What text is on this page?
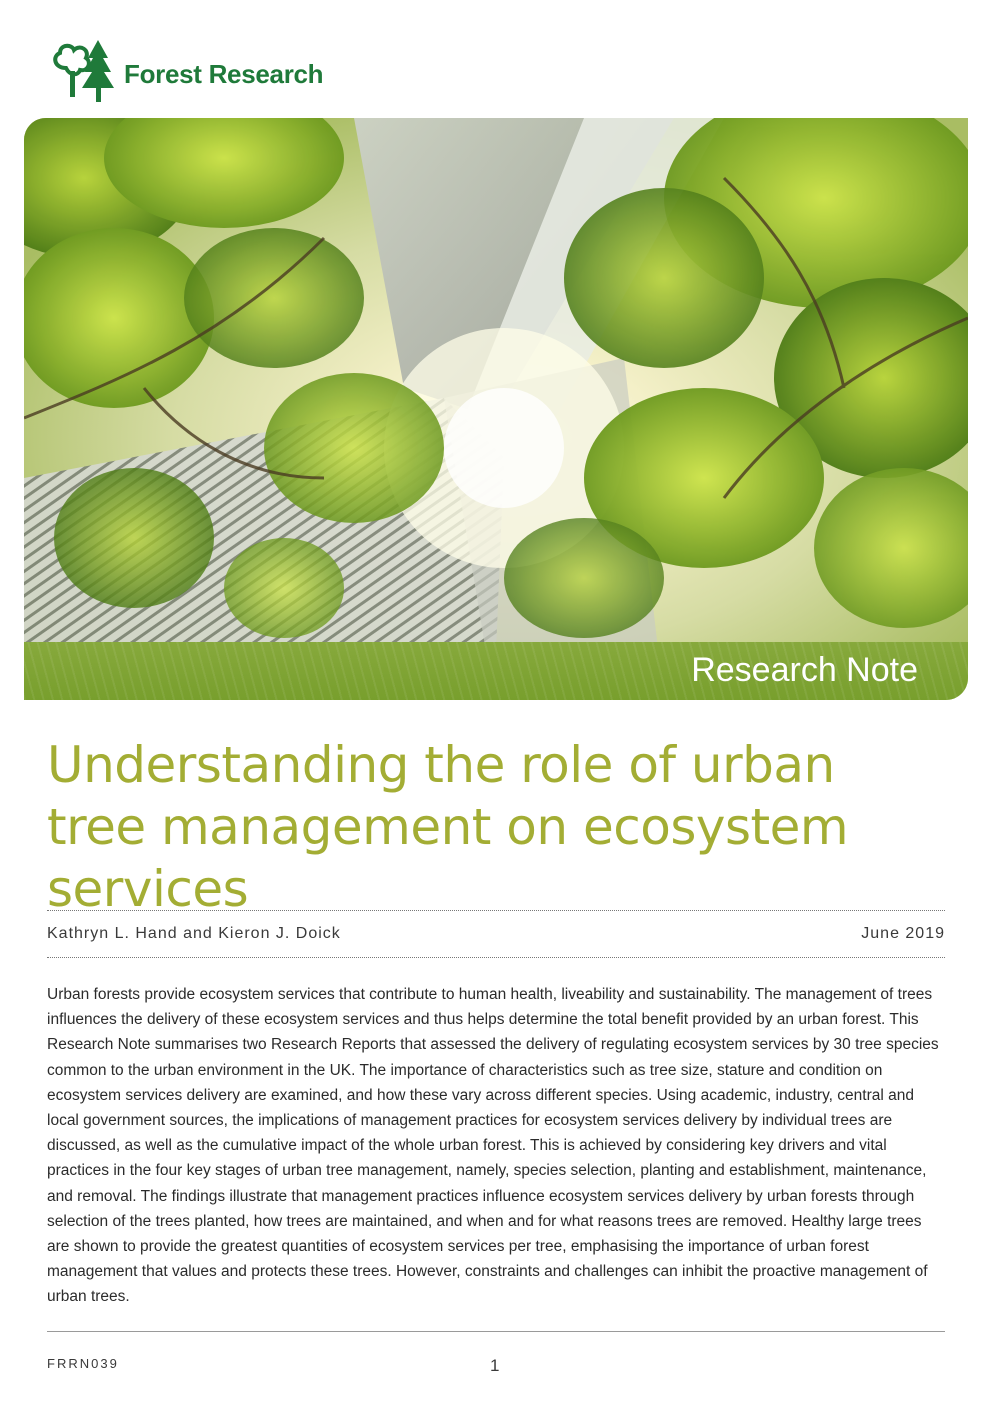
Forest Research
Research Note
Understanding the role of urban tree management on ecosystem services
Kathryn L. Hand and Kieron J. Doick	June 2019

Urban forests provide ecosystem services that contribute to human health, liveability and sustainability. The management of trees influences the delivery of these ecosystem services and thus helps determine the total benefit provided by an urban forest. This Research Note summarises two Research Reports that assessed the delivery of regulating ecosystem services by 30 tree species common to the urban environment in the UK. The importance of characteristics such as tree size, stature and condition on ecosystem services delivery are examined, and how these vary across different species. Using academic, industry, central and local government sources, the implications of management practices for ecosystem services delivery by individual trees are discussed, as well as the cumulative impact of the whole urban forest. This is achieved by considering key drivers and vital practices in the four key stages of urban tree management, namely, species selection, planting and establishment, maintenance, and removal. The findings illustrate that management practices influence ecosystem services delivery by urban forests through selection of the trees planted, how trees are maintained, and when and for what reasons trees are removed. Healthy large trees are shown to provide the greatest quantities of ecosystem services per tree, emphasising the importance of urban forest management that values and protects these trees. However, constraints and challenges can inhibit the proactive management of urban trees.

FRRN039	1
